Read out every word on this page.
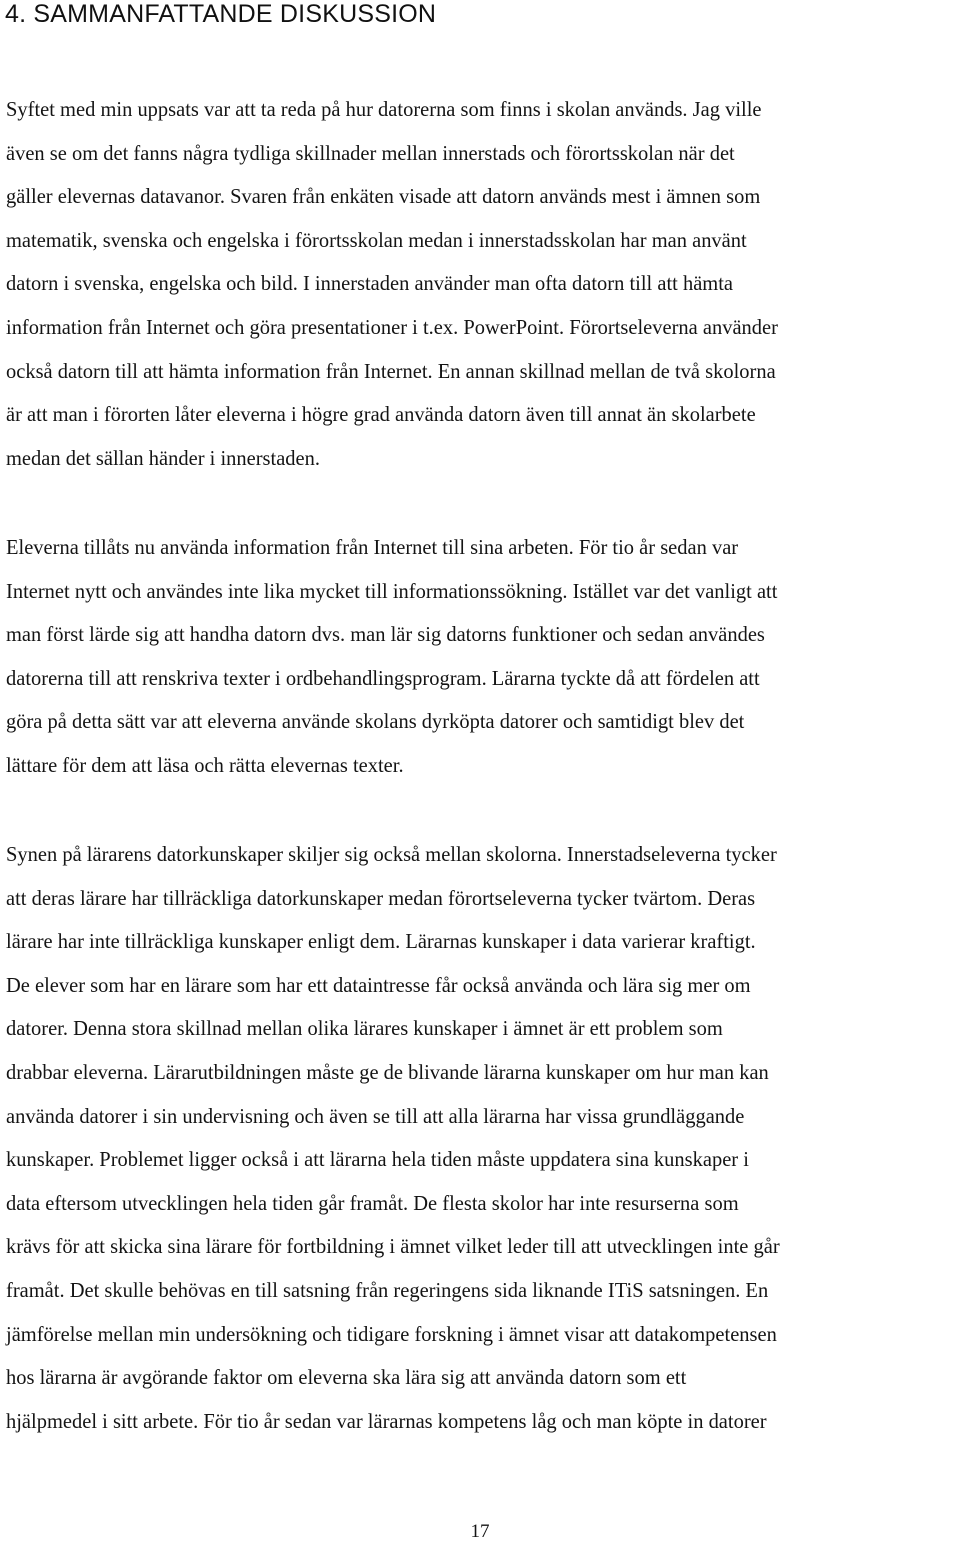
4. SAMMANFATTANDE DISKUSSION

Syftet med min uppsats var att ta reda på hur datorerna som finns i skolan används. Jag ville även se om det fanns några tydliga skillnader mellan innerstads och förortsskolan när det gäller elevernas datavanor. Svaren från enkäten visade att datorn används mest i ämnen som matematik, svenska och engelska i förortsskolan medan i innerstadsskolan har man använt datorn i svenska, engelska och bild. I innerstaden använder man ofta datorn till att hämta information från Internet och göra presentationer i t.ex. PowerPoint. Förortseleverna använder också datorn till att hämta information från Internet. En annan skillnad mellan de två skolorna är att man i förorten låter eleverna i högre grad använda datorn även till annat än skolarbete medan det sällan händer i innerstaden.

Eleverna tillåts nu använda information från Internet till sina arbeten. För tio år sedan var Internet nytt och användes inte lika mycket till informationssökning. Istället var det vanligt att man först lärde sig att handha datorn dvs. man lär sig datorns funktioner och sedan användes datorerna till att renskriva texter i ordbehandlingsprogram. Lärarna tyckte då att fördelen att göra på detta sätt var att eleverna använde skolans dyrköpta datorer och samtidigt blev det lättare för dem att läsa och rätta elevernas texter.

Synen på lärarens datorkunskaper skiljer sig också mellan skolorna. Innerstadseleverna tycker att deras lärare har tillräckliga datorkunskaper medan förortseleverna tycker tvärtom. Deras lärare har inte tillräckliga kunskaper enligt dem. Lärarnas kunskaper i data varierar kraftigt. De elever som har en lärare som har ett dataintresse får också använda och lära sig mer om datorer. Denna stora skillnad mellan olika lärares kunskaper i ämnet är ett problem som drabbar eleverna. Lärarutbildningen måste ge de blivande lärarna kunskaper om hur man kan använda datorer i sin undervisning och även se till att alla lärarna har vissa grundläggande kunskaper. Problemet ligger också i att lärarna hela tiden måste uppdatera sina kunskaper i data eftersom utvecklingen hela tiden går framåt. De flesta skolor har inte resurserna som krävs för att skicka sina lärare för fortbildning i ämnet vilket leder till att utvecklingen inte går framåt. Det skulle behövas en till satsning från regeringens sida liknande ITiS satsningen. En jämförelse mellan min undersökning och tidigare forskning i ämnet visar att datakompetensen hos lärarna är avgörande faktor om eleverna ska lära sig att använda datorn som ett hjälpmedel i sitt arbete. För tio år sedan var lärarnas kompetens låg och man köpte in datorer

17
